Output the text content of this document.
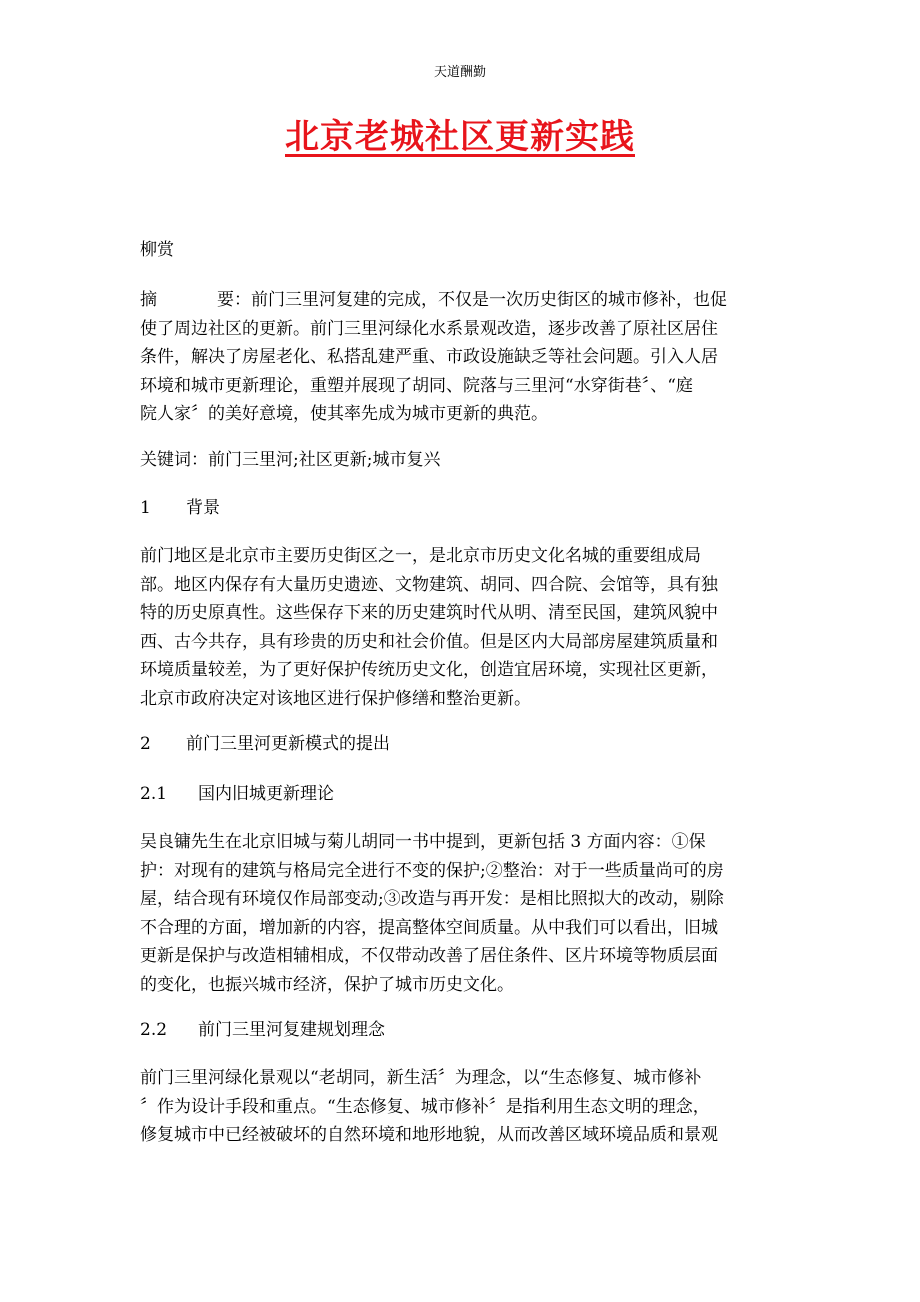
天道酬勤
北京老城社区更新实践
柳赏
摘	要：前门三里河复建的完成，不仅是一次历史街区的城市修补，也促
使了周边社区的更新。前门三里河绿化水系景观改造，逐步改善了原社区居住
条件，解决了房屋老化、私搭乱建严重、市政设施缺乏等社会问题。引入人居
环境和城市更新理论，重塑并展现了胡同、院落与三里河“水穿街巷〞、“庭
院人家〞的美好意境，使其率先成为城市更新的典范。
关键词：前门三里河;社区更新;城市复兴
1 背景
前门地区是北京市主要历史街区之一，是北京市历史文化名城的重要组成局
部。地区内保存有大量历史遗迹、文物建筑、胡同、四合院、会馆等，具有独
特的历史原真性。这些保存下来的历史建筑时代从明、清至民国，建筑风貌中
西、古今共存，具有珍贵的历史和社会价值。但是区内大局部房屋建筑质量和
环境质量较差，为了更好保护传统历史文化，创造宜居环境，实现社区更新，
北京市政府决定对该地区进行保护修缮和整治更新。
2 前门三里河更新模式的提出
2.1 国内旧城更新理论
吴良镛先生在北京旧城与菊儿胡同一书中提到，更新包括 3 方面内容：①保
护：对现有的建筑与格局完全进行不变的保护;②整治：对于一些质量尚可的房
屋，结合现有环境仅作局部变动;③改造与再开发：是相比照拟大的改动，剔除
不合理的方面，增加新的内容，提高整体空间质量。从中我们可以看出，旧城
更新是保护与改造相辅相成，不仅带动改善了居住条件、区片环境等物质层面
的变化，也振兴城市经济，保护了城市历史文化。
2.2 前门三里河复建规划理念
前门三里河绿化景观以“老胡同，新生活〞为理念，以“生态修复、城市修补
〞作为设计手段和重点。“生态修复、城市修补〞是指利用生态文明的理念，
修复城市中已经被破坏的自然环境和地形地貌，从而改善区域环境品质和景观
